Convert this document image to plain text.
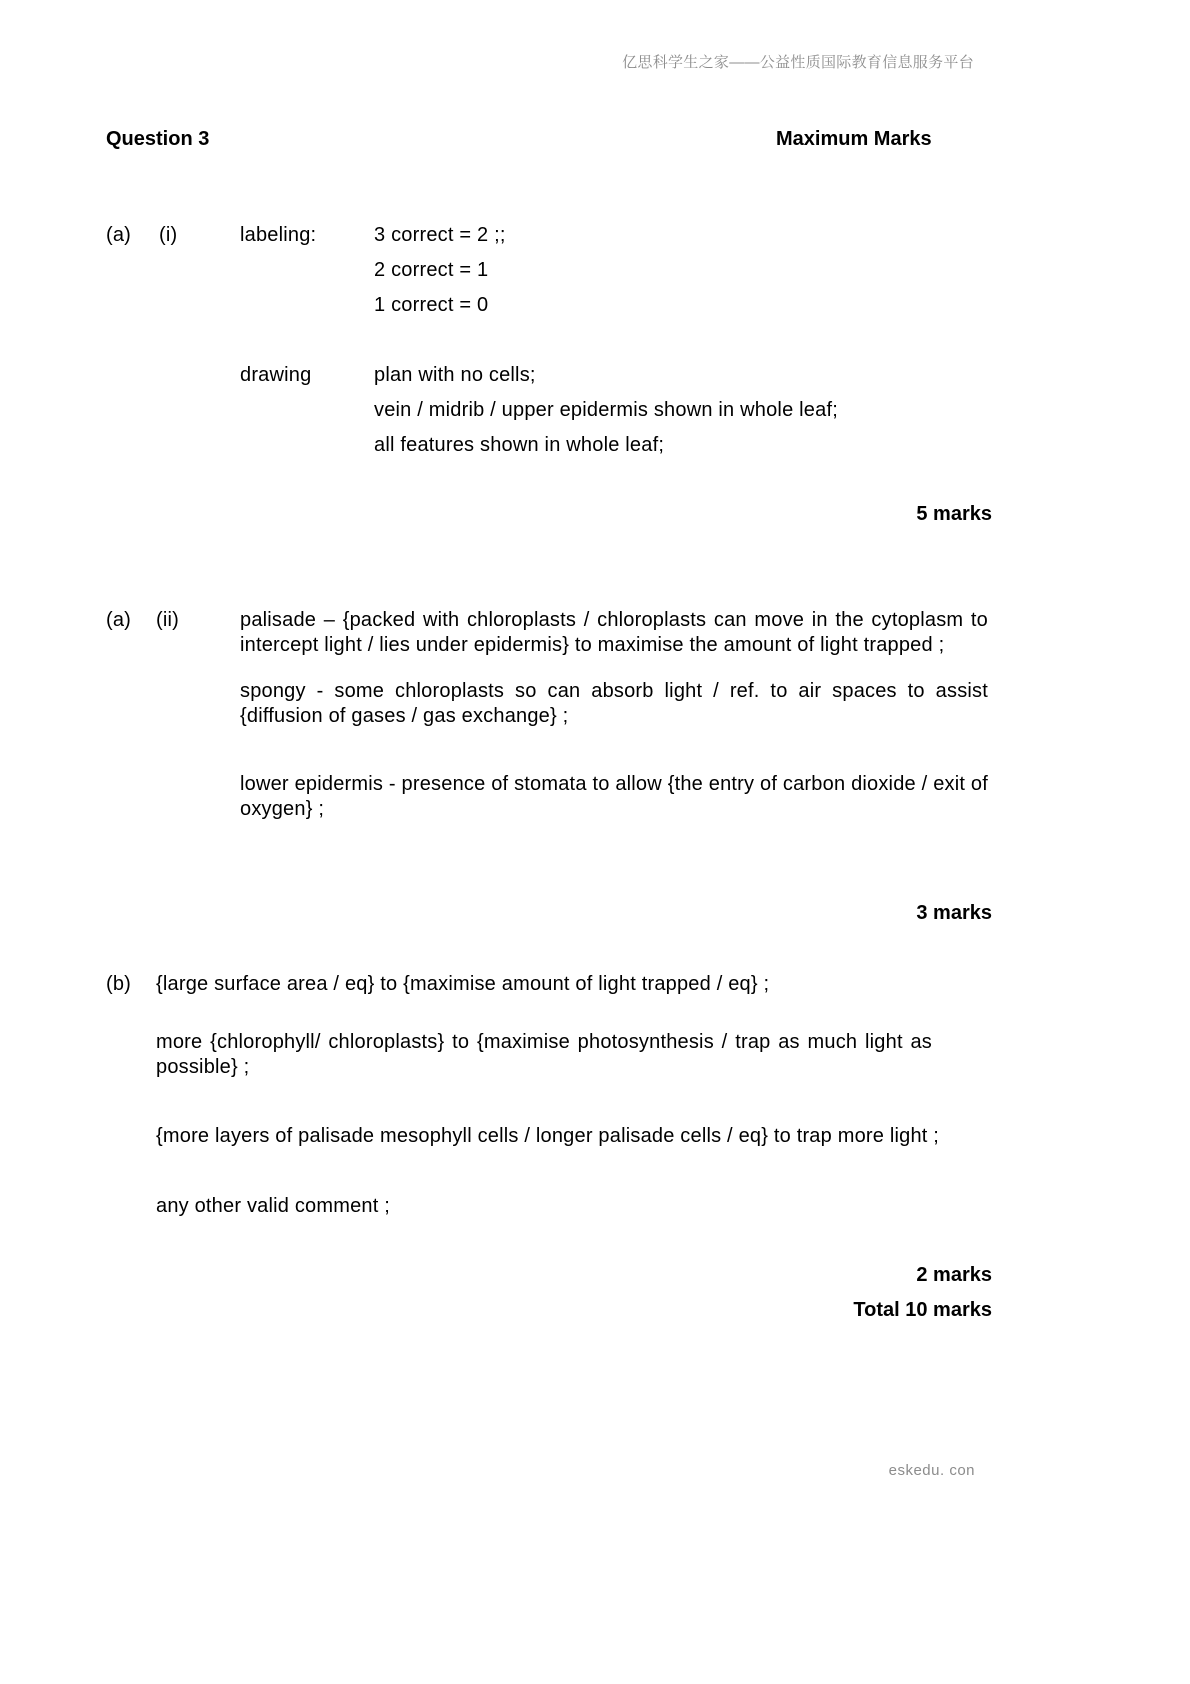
亿思科学生之家——公益性质国际教育信息服务平台
Question 3	Maximum Marks
(a) (i)	labeling:	3 correct = 2 ;;
2 correct = 1
1 correct = 0
drawing	plan with no cells;
vein / midrib / upper epidermis shown in whole leaf;
all features shown in whole leaf;
5 marks
(a) (ii)	palisade – {packed with chloroplasts / chloroplasts can move in the cytoplasm to intercept light / lies under epidermis} to maximise the amount of light trapped ;
spongy - some chloroplasts so can absorb light / ref. to air spaces to assist {diffusion of gases / gas exchange} ;
lower epidermis - presence of stomata to allow {the entry of carbon dioxide / exit of oxygen} ;
3 marks
(b) {large surface area / eq} to {maximise amount of light trapped / eq} ;
more {chlorophyll/ chloroplasts} to {maximise photosynthesis / trap as much light as possible} ;
{more layers of palisade mesophyll cells / longer palisade cells / eq} to trap more light ;
any other valid comment ;
2 marks
Total 10 marks
eskedu. con
